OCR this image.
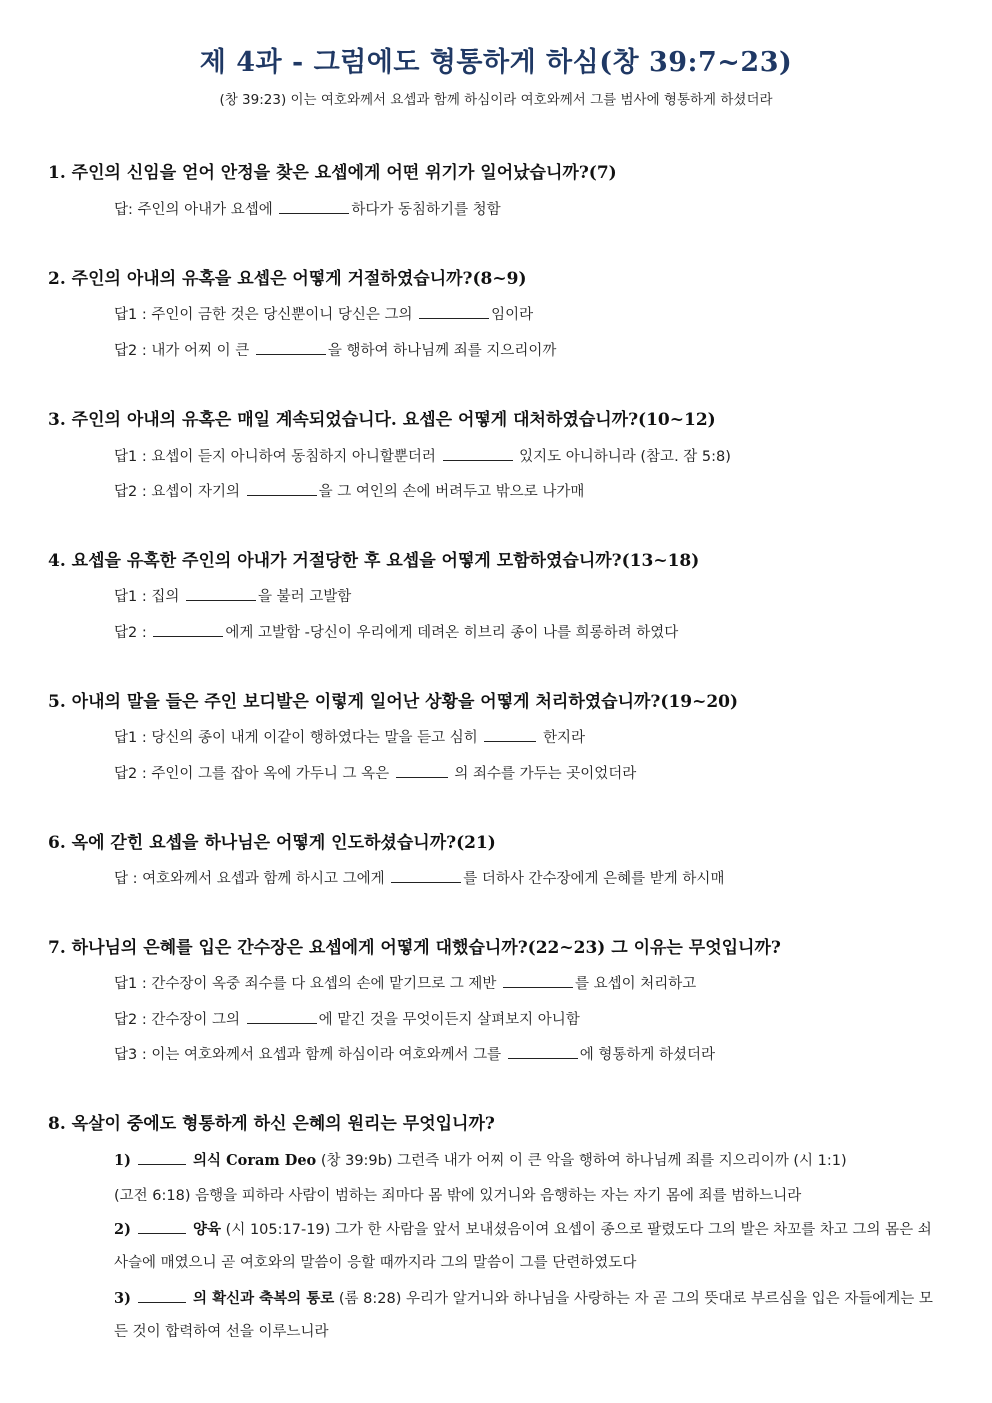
제 4과 - 그럼에도 형통하게 하심(창 39:7~23)
(창 39:23) 이는 여호와께서 요셉과 함께 하심이라 여호와께서 그를 범사에 형통하게 하셨더라
1. 주인의 신임을 얻어 안정을 찾은 요셉에게 어떤 위기가 일어났습니까?(7)
답: 주인의 아내가 요셉에	하다가 동침하기를 청함
2. 주인의 아내의 유혹을 요셉은 어떻게 거절하였습니까?(8~9)
답1 : 주인이 금한 것은 당신뿐이니 당신은 그의	임이라
답2 : 내가 어찌 이 큰	을 행하여 하나님께 죄를 지으리이까
3. 주인의 아내의 유혹은 매일 계속되었습니다. 요셉은 어떻게 대처하였습니까?(10~12)
답1 : 요셉이 듣지 아니하여 동침하지 아니할뿐더러	있지도 아니하니라 (참고. 잠 5:8)
답2 : 요셉이 자기의	을 그 여인의 손에 버려두고 밖으로 나가매
4. 요셉을 유혹한 주인의 아내가 거절당한 후 요셉을 어떻게 모함하였습니까?(13~18)
답1 : 집의	을 불러 고발함
답2 :	에게 고발함 -당신이 우리에게 데려온 히브리 종이 나를 희롱하려 하였다
5. 아내의 말을 들은 주인 보디발은 이렇게 일어난 상황을 어떻게 처리하였습니까?(19~20)
답1 : 당신의 종이 내게 이같이 행하였다는 말을 듣고 심히	한지라
답2 : 주인이 그를 잡아 옥에 가두니 그 옥은	의 죄수를 가두는 곳이었더라
6. 옥에 갇힌 요셉을 하나님은 어떻게 인도하셨습니까?(21)
답 : 여호와께서 요셉과 함께 하시고 그에게	를 더하사 간수장에게 은혜를 받게 하시매
7. 하나님의 은혜를 입은 간수장은 요셉에게 어떻게 대했습니까?(22~23) 그 이유는 무엇입니까?
답1 : 간수장이 옥중 죄수를 다 요셉의 손에 맡기므로 그 제반	를 요셉이 처리하고
답2 : 간수장이 그의	에 맡긴 것을 무엇이든지 살펴보지 아니함
답3 : 이는 여호와께서 요셉과 함께 하심이라 여호와께서 그를	에 형통하게 하셨더라
8. 옥살이 중에도 형통하게 하신 은혜의 원리는 무엇입니까?
1)	의식 Coram Deo (창 39:9b) 그런즉 내가 어찌 이 큰 악을 행하여 하나님께 죄를 지으리이까 (시 1:1)
(고전 6:18) 음행을 피하라 사람이 범하는 죄마다 몸 밖에 있거니와 음행하는 자는 자기 몸에 죄를 범하느니라
2)	양육 (시 105:17-19) 그가 한 사람을 앞서 보내셨음이여 요셉이 종으로 팔렸도다 그의 발은 차꼬를 차고 그의 몸은 쇠사슬에 매였으니 곧 여호와의 말씀이 응할 때까지라 그의 말씀이 그를 단련하였도다
3)	의 확신과 축복의 통로 (롬 8:28) 우리가 알거니와 하나님을 사랑하는 자 곧 그의 뜻대로 부르심을 입은 자들에게는 모든 것이 합력하여 선을 이루느니라
